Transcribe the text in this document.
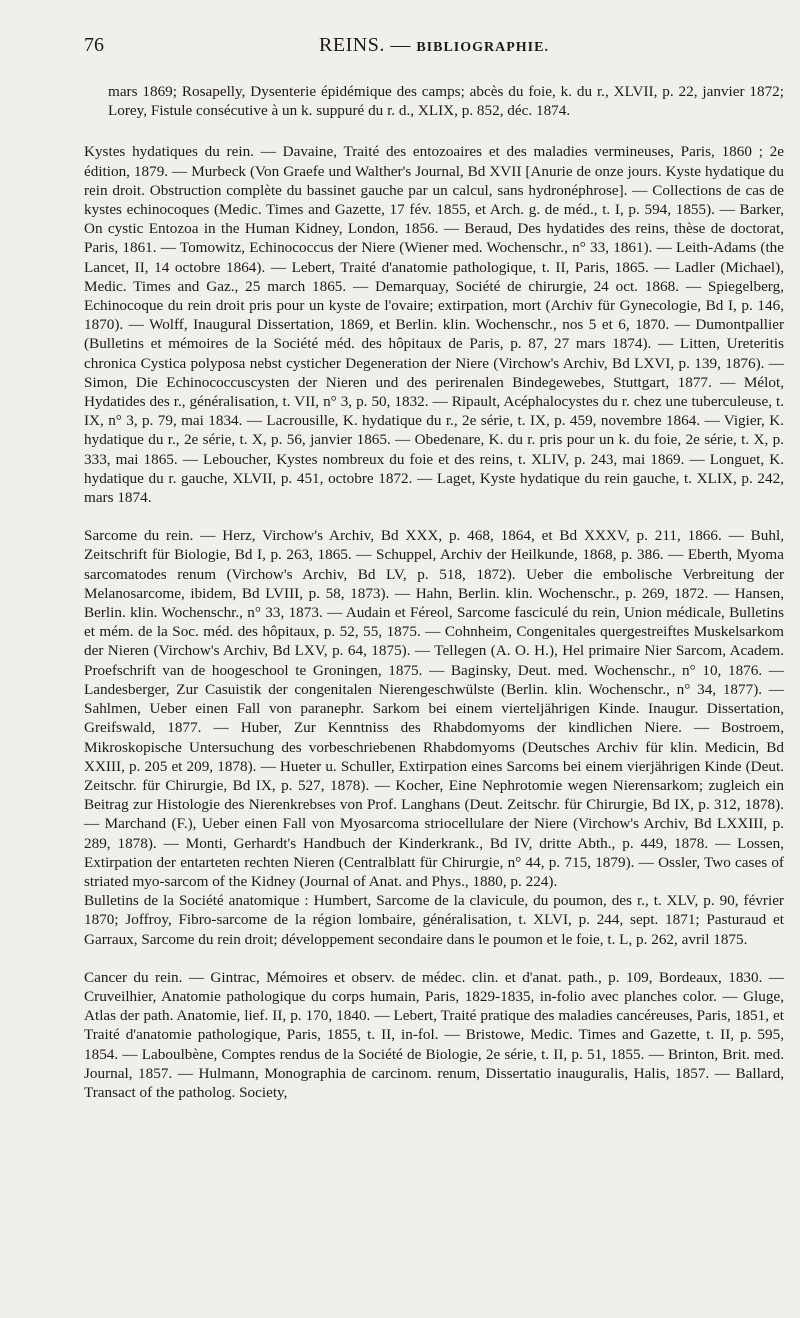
76	REINS. — BIBLIOGRAPHIE.

mars 1869; Rosapelly, Dysenterie épidémique des camps; abcès du foie, k. du r., XLVII, p. 22, janvier 1872; Lorey, Fistule consécutive à un k. suppuré du r. d., XLIX, p. 852, déc. 1874.

Kystes hydatiques du rein. — Davaine, Traité des entozoaires et des maladies vermineuses, Paris, 1860 ; 2e édition, 1879. — Murbeck (Von Graefe und Walther's Journal, Bd XVII [Anurie de onze jours. Kyste hydatique du rein droit. Obstruction complète du bassinet gauche par un calcul, sans hydronéphrose]. — Collections de cas de kystes echinocoques (Medic. Times and Gazette, 17 fév. 1855, et Arch. g. de méd., t. I, p. 594, 1855). — Barker, On cystic Entozoa in the Human Kidney, London, 1856. — Beraud, Des hydatides des reins, thèse de doctorat, Paris, 1861. — Tomowitz, Echinococcus der Niere (Wiener med. Wochenschr., n° 33, 1861). — Leith-Adams (the Lancet, II, 14 octobre 1864). — Lebert, Traité d'anatomie pathologique, t. II, Paris, 1865. — Ladler (Michael), Medic. Times and Gaz., 25 march 1865. — Demarquay, Société de chirurgie, 24 oct. 1868. — Spiegelberg, Echinocoque du rein droit pris pour un kyste de l'ovaire; extirpation, mort (Archiv für Gynecologie, Bd I, p. 146, 1870). — Wolff, Inaugural Dissertation, 1869, et Berlin. klin. Wochenschr., nos 5 et 6, 1870. — Dumontpallier (Bulletins et mémoires de la Société méd. des hôpitaux de Paris, p. 87, 27 mars 1874). — Litten, Ureteritis chronica Cystica polyposa nebst cysticher Degeneration der Niere (Virchow's Archiv, Bd LXVI, p. 139, 1876). — Simon, Die Echinococcuscysten der Nieren und des perirenalen Bindegewebes, Stuttgart, 1877. — Mélot, Hydatides des r., généralisation, t. VII, n° 3, p. 50, 1832. — Ripault, Acéphalocystes du r. chez une tuberculeuse, t. IX, n° 3, p. 79, mai 1834. — Lacrousille, K. hydatique du r., 2e série, t. IX, p. 459, novembre 1864. — Vigier, K. hydatique du r., 2e série, t. X, p. 56, janvier 1865. — Obedenare, K. du r. pris pour un k. du foie, 2e série, t. X, p. 333, mai 1865. — Leboucher, Kystes nombreux du foie et des reins, t. XLIV, p. 243, mai 1869. — Longuet, K. hydatique du r. gauche, XLVII, p. 451, octobre 1872. — Laget, Kyste hydatique du rein gauche, t. XLIX, p. 242, mars 1874.

Sarcome du rein. — Herz, Virchow's Archiv, Bd XXX, p. 468, 1864, et Bd XXXV, p. 211, 1866. — Buhl, Zeitschrift für Biologie, Bd I, p. 263, 1865. — Schuppel, Archiv der Heilkunde, 1868, p. 386. — Eberth, Myoma sarcomatodes renum (Virchow's Archiv, Bd LV, p. 518, 1872). Ueber die embolische Verbreitung der Melanosarcome, ibidem, Bd LVIII, p. 58, 1873). — Hahn, Berlin. klin. Wochenschr., p. 269, 1872. — Hansen, Berlin. klin. Wochenschr., n° 33, 1873. — Audain et Féreol, Sarcome fasciculé du rein, Union médicale, Bulletins et mém. de la Soc. méd. des hôpitaux, p. 52, 55, 1875. — Cohnheim, Congenitales quergestreiftes Muskelsarkom der Nieren (Virchow's Archiv, Bd LXV, p. 64, 1875). — Tellegen (A. O. H.), Hel primaire Nier Sarcom, Academ. Proefschrift van de hoogeschool te Groningen, 1875. — Baginsky, Deut. med. Wochenschr., n° 10, 1876. — Landesberger, Zur Casuistik der congenitalen Nierengeschwülste (Berlin. klin. Wochenschr., n° 34, 1877). — Sahlmen, Ueber einen Fall von paranephr. Sarkom bei einem vierteljährigen Kinde. Inaugur. Dissertation, Greifswald, 1877. — Huber, Zur Kenntniss des Rhabdomyoms der kindlichen Niere. — Bostroem, Mikroskopische Untersuchung des vorbeschriebenen Rhabdomyoms (Deutsches Archiv für klin. Medicin, Bd XXIII, p. 205 et 209, 1878). — Hueter u. Schuller, Extirpation eines Sarcoms bei einem vierjährigen Kinde (Deut. Zeitschr. für Chirurgie, Bd IX, p. 527, 1878). — Kocher, Eine Nephrotomie wegen Nierensarkom; zugleich ein Beitrag zur Histologie des Nierenkrebses von Prof. Langhans (Deut. Zeitschr. für Chirurgie, Bd IX, p. 312, 1878). — Marchand (F.), Ueber einen Fall von Myosarcoma striocellulare der Niere (Virchow's Archiv, Bd LXXIII, p. 289, 1878). — Monti, Gerhardt's Handbuch der Kinderkrank., Bd IV, dritte Abth., p. 449, 1878. — Lossen, Extirpation der entarteten rechten Nieren (Centralblatt für Chirurgie, n° 44, p. 715, 1879). — Ossler, Two cases of striated myo-sarcom of the Kidney (Journal of Anat. and Phys., 1880, p. 224).

Bulletins de la Société anatomique : Humbert, Sarcome de la clavicule, du poumon, des r., t. XLV, p. 90, février 1870; Joffroy, Fibro-sarcome de la région lombaire, généralisation, t. XLVI, p. 244, sept. 1871; Pasturaud et Garraux, Sarcome du rein droit; développement secondaire dans le poumon et le foie, t. L, p. 262, avril 1875.

Cancer du rein. — Gintrac, Mémoires et observ. de médec. clin. et d'anat. path., p. 109, Bordeaux, 1830. — Cruveilhier, Anatomie pathologique du corps humain, Paris, 1829-1835, in-folio avec planches color. — Gluge, Atlas der path. Anatomie, lief. II, p. 170, 1840. — Lebert, Traité pratique des maladies cancéreuses, Paris, 1851, et Traité d'anatomie pathologique, Paris, 1855, t. II, in-fol. — Bristowe, Medic. Times and Gazette, t. II, p. 595, 1854. — Laboulbène, Comptes rendus de la Société de Biologie, 2e série, t. II, p. 51, 1855. — Brinton, Brit. med. Journal, 1857. — Hulmann, Monographia de carcinom. renum, Dissertatio inauguralis, Halis, 1857. — Ballard, Transact of the patholog. Society,
